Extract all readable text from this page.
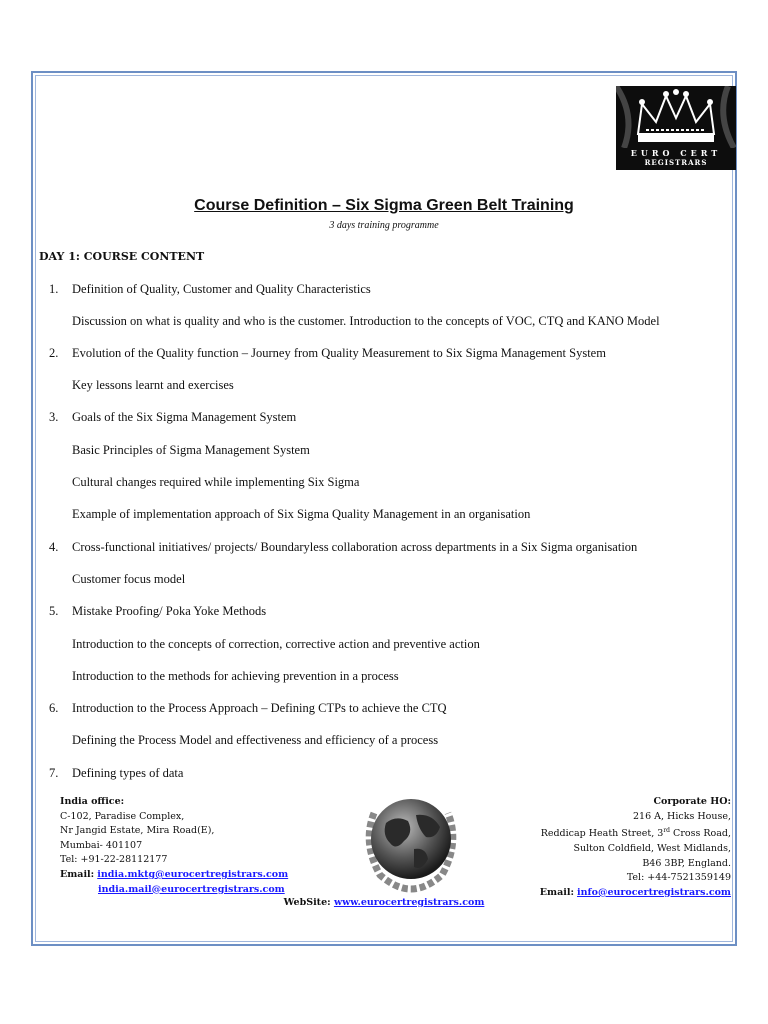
EURO CERT
REGISTRARS
Course Definition – Six Sigma Green Belt Training
3 days training programme
DAY 1: COURSE CONTENT
1. Definition of Quality, Customer and Quality Characteristics
Discussion on what is quality and who is the customer. Introduction to the concepts of VOC, CTQ and KANO Model
2. Evolution of the Quality function – Journey from Quality Measurement to Six Sigma Management System
Key lessons learnt and exercises
3. Goals of the Six Sigma Management System
Basic Principles of Sigma Management System
Cultural changes required while implementing Six Sigma
Example of implementation approach of Six Sigma Quality Management in an organisation
4. Cross-functional initiatives/ projects/ Boundaryless collaboration across departments in a Six Sigma organisation
Customer focus model
5. Mistake Proofing/ Poka Yoke Methods
Introduction to the concepts of correction, corrective action and preventive action
Introduction to the methods for achieving prevention in a process
6. Introduction to the Process Approach – Defining CTPs to achieve the CTQ
Defining the Process Model and effectiveness and efficiency of a process
7. Defining types of data
India office:
C-102, Paradise Complex,
Nr Jangid Estate, Mira Road(E),
Mumbai- 401107
Tel: +91-22-28112177
Email: india.mktg@eurocertregistrars.com
india.mail@eurocertregistrars.com
Corporate HO:
216 A, Hicks House,
Reddicap Heath Street, 3rd Cross Road,
Sulton Coldfield, West Midlands,
B46 3BP, England.
Tel: +44-7521359149
Email: info@eurocertregistrars.com
WebSite: www.eurocertregistrars.com
